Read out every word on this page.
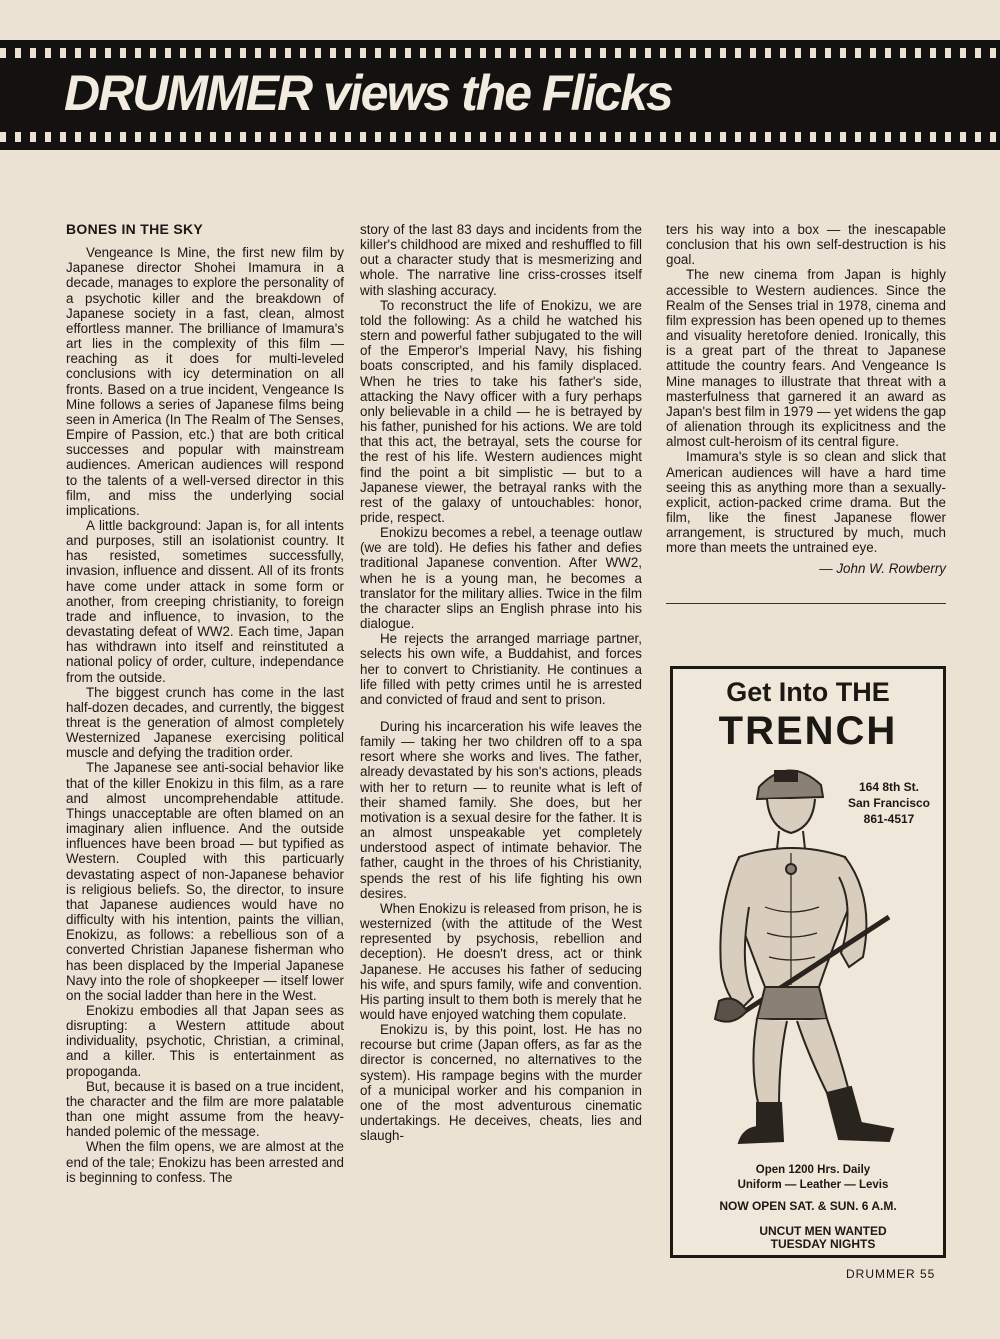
DRUMMER views the Flicks
BONES IN THE SKY

Vengeance Is Mine, the first new film by Japanese director Shohei Imamura in a decade, manages to explore the personality of a psychotic killer and the breakdown of Japanese society in a fast, clean, almost effortless manner. The brilliance of Imamura's art lies in the complexity of this film — reaching as it does for multi-leveled conclusions with icy determination on all fronts. Based on a true incident, Vengeance Is Mine follows a series of Japanese films being seen in America (In The Realm of The Senses, Empire of Passion, etc.) that are both critical successes and popular with mainstream audiences. American audiences will respond to the talents of a well-versed director in this film, and miss the underlying social implications.

A little background: Japan is, for all intents and purposes, still an isolationist country. It has resisted, sometimes successfully, invasion, influence and dissent. All of its fronts have come under attack in some form or another, from creeping christianity, to foreign trade and influence, to invasion, to the devastating defeat of WW2. Each time, Japan has withdrawn into itself and reinstituted a national policy of order, culture, independance from the outside.

The biggest crunch has come in the last half-dozen decades, and currently, the biggest threat is the generation of almost completely Westernized Japanese exercising political muscle and defying the tradition order.

The Japanese see anti-social behavior like that of the killer Enokizu in this film, as a rare and almost uncomprehendable attitude. Things unacceptable are often blamed on an imaginary alien influence. And the outside influences have been broad — but typified as Western. Coupled with this particuarly devastating aspect of non-Japanese behavior is religious beliefs. So, the director, to insure that Japanese audiences would have no difficulty with his intention, paints the villian, Enokizu, as follows: a rebellious son of a converted Christian Japanese fisherman who has been displaced by the Imperial Japanese Navy into the role of shopkeeper — itself lower on the social ladder than here in the West.

Enokizu embodies all that Japan sees as disrupting: a Western attitude about individuality, psychotic, Christian, a criminal, and a killer. This is entertainment as propoganda.

But, because it is based on a true incident, the character and the film are more palatable than one might assume from the heavy-handed polemic of the message.

When the film opens, we are almost at the end of the tale; Enokizu has been arrested and is beginning to confess. The

story of the last 83 days and incidents from the killer's childhood are mixed and reshuffled to fill out a character study that is mesmerizing and whole. The narrative line criss-crosses itself with slashing accuracy.

To reconstruct the life of Enokizu, we are told the following: As a child he watched his stern and powerful father subjugated to the will of the Emperor's Imperial Navy, his fishing boats conscripted, and his family displaced. When he tries to take his father's side, attacking the Navy officer with a fury perhaps only believable in a child — he is betrayed by his father, punished for his actions. We are told that this act, the betrayal, sets the course for the rest of his life. Western audiences might find the point a bit simplistic — but to a Japanese viewer, the betrayal ranks with the rest of the galaxy of untouchables: honor, pride, respect.

Enokizu becomes a rebel, a teenage outlaw (we are told). He defies his father and defies traditional Japanese convention. After WW2, when he is a young man, he becomes a translator for the military allies. Twice in the film the character slips an English phrase into his dialogue.

He rejects the arranged marriage partner, selects his own wife, a Buddahist, and forces her to convert to Christianity. He continues a life filled with petty crimes until he is arrested and convicted of fraud and sent to prison.

During his incarceration his wife leaves the family — taking her two children off to a spa resort where she works and lives. The father, already devastated by his son's actions, pleads with her to return — to reunite what is left of their shamed family. She does, but her motivation is a sexual desire for the father. It is an almost unspeakable yet completely understood aspect of intimate behavior. The father, caught in the throes of his Christianity, spends the rest of his life fighting his own desires.

When Enokizu is released from prison, he is westernized (with the attitude of the West represented by psychosis, rebellion and deception). He doesn't dress, act or think Japanese. He accuses his father of seducing his wife, and spurs family, wife and convention. His parting insult to them both is merely that he would have enjoyed watching them copulate.

Enokizu is, by this point, lost. He has no recourse but crime (Japan offers, as far as the director is concerned, no alternatives to the system). His rampage begins with the murder of a municipal worker and his companion in one of the most adventurous cinematic undertakings. He deceives, cheats, lies and slaugh-

ters his way into a box — the inescapable conclusion that his own self-destruction is his goal.

The new cinema from Japan is highly accessible to Western audiences. Since the Realm of the Senses trial in 1978, cinema and film expression has been opened up to themes and visuality heretofore denied. Ironically, this is a great part of the threat to Japanese attitude the country fears. And Vengeance Is Mine manages to illustrate that threat with a masterfulness that garnered it an award as Japan's best film in 1979 — yet widens the gap of alienation through its explicitness and the almost cult-heroism of its central figure.

Imamura's style is so clean and slick that American audiences will have a hard time seeing this as anything more than a sexually-explicit, action-packed crime drama. But the film, like the finest Japanese flower arrangement, is structured by much, much more than meets the untrained eye.

— John W. Rowberry
Get Into THE
TRENCH
164 8th St.
San Francisco
861-4517
Open 1200 Hrs. Daily
Uniform — Leather — Levis
NOW OPEN SAT. & SUN. 6 A.M.
UNCUT MEN WANTED
TUESDAY NIGHTS
DRUMMER 55
